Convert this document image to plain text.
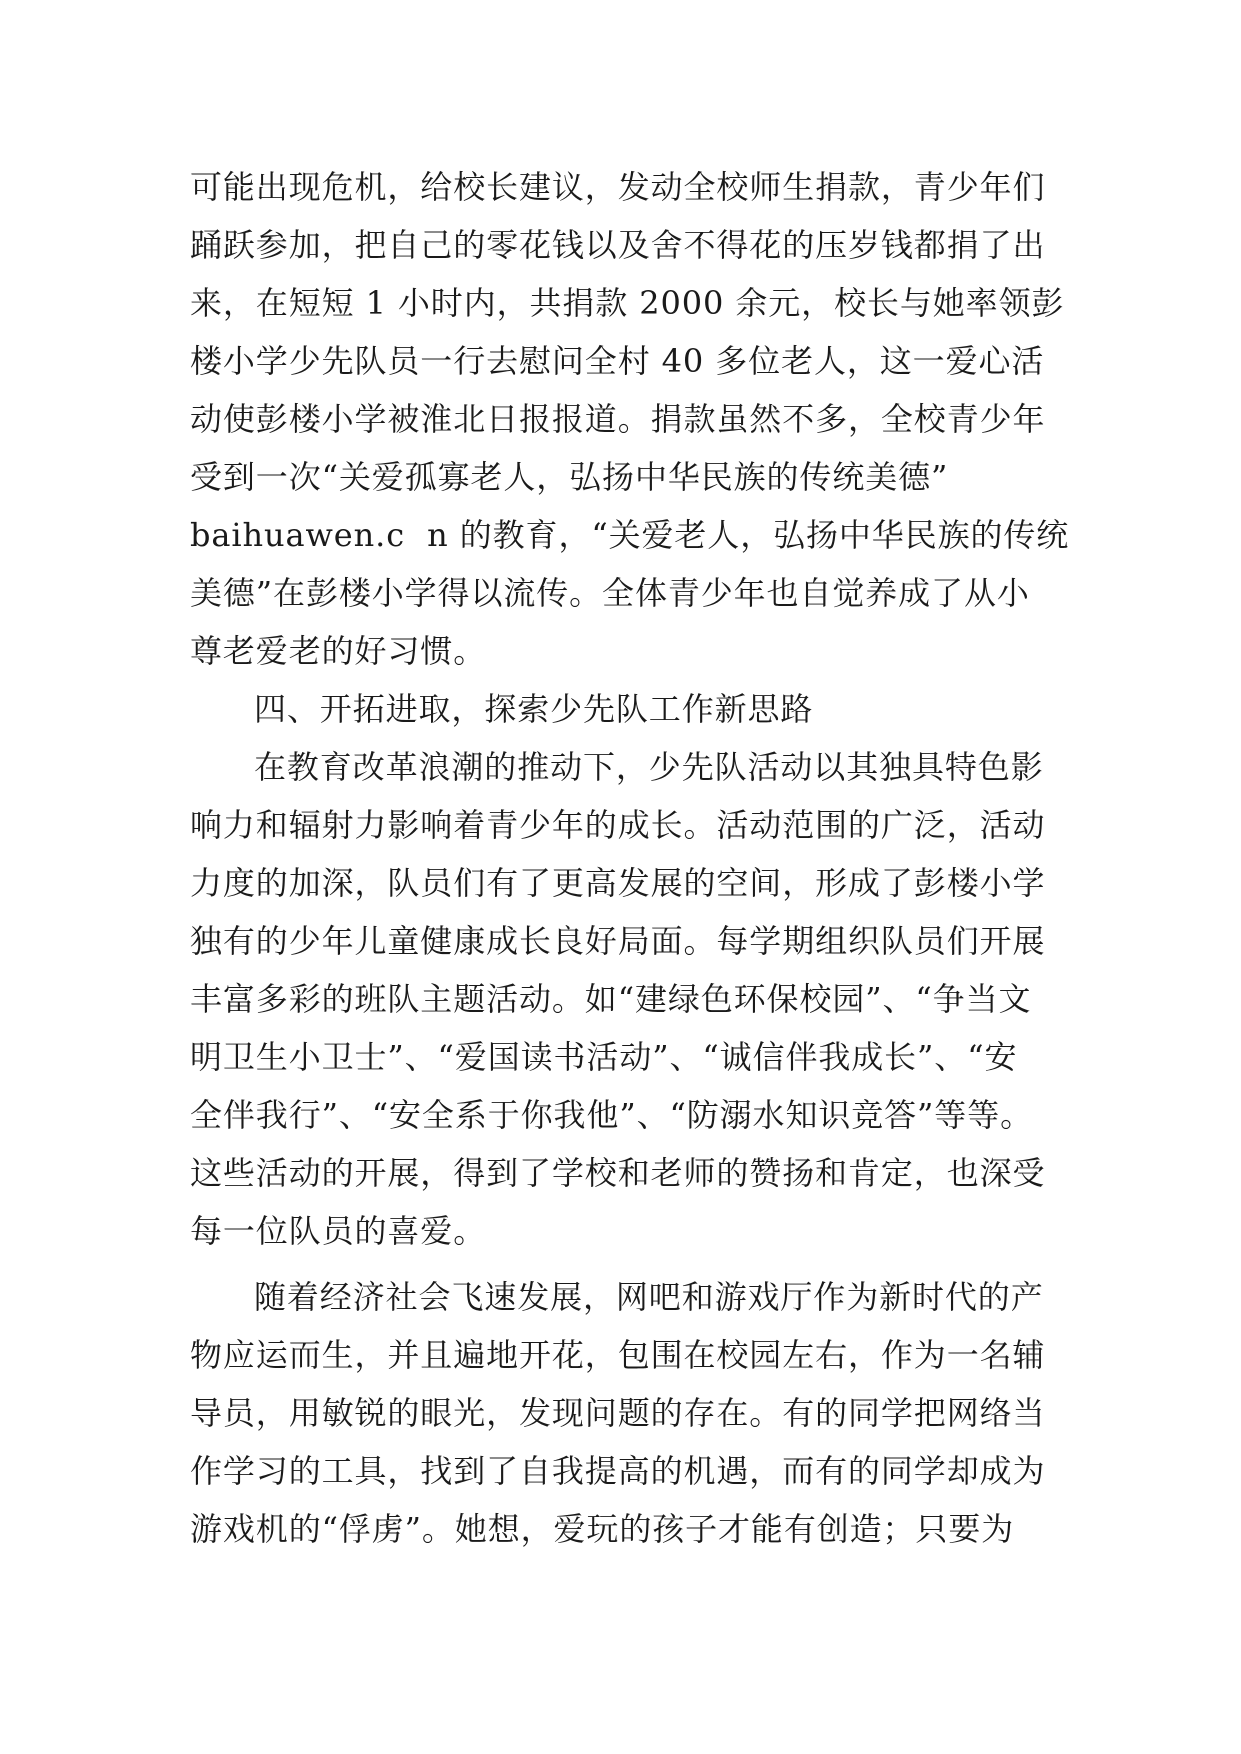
可能出现危机，给校长建议，发动全校师生捐款，青少年们
踊跃参加，把自己的零花钱以及舍不得花的压岁钱都捐了出
来，在短短 1 小时内，共捐款 2000 余元，校长与她率领彭
楼小学少先队员一行去慰问全村 40 多位老人，这一爱心活
动使彭楼小学被淮北日报报道。捐款虽然不多，全校青少年
受到一次“关爱孤寡老人，弘扬中华民族的传统美德”
baihuawen.c  n 的教育，“关爱老人，弘扬中华民族的传统
美德”在彭楼小学得以流传。全体青少年也自觉养成了从小
尊老爱老的好习惯。
四、开拓进取，探索少先队工作新思路
在教育改革浪潮的推动下，少先队活动以其独具特色影
响力和辐射力影响着青少年的成长。活动范围的广泛，活动
力度的加深，队员们有了更高发展的空间，形成了彭楼小学
独有的少年儿童健康成长良好局面。每学期组织队员们开展
丰富多彩的班队主题活动。如“建绿色环保校园”、“争当文
明卫生小卫士”、“爱国读书活动”、“诚信伴我成长”、“安
全伴我行”、“安全系于你我他”、“防溺水知识竞答”等等。
这些活动的开展，得到了学校和老师的赞扬和肯定，也深受
每一位队员的喜爱。
随着经济社会飞速发展，网吧和游戏厅作为新时代的产
物应运而生，并且遍地开花，包围在校园左右，作为一名辅
导员，用敏锐的眼光，发现问题的存在。有的同学把网络当
作学习的工具，找到了自我提高的机遇，而有的同学却成为
游戏机的“俘虏”。她想，爱玩的孩子才能有创造；只要为
